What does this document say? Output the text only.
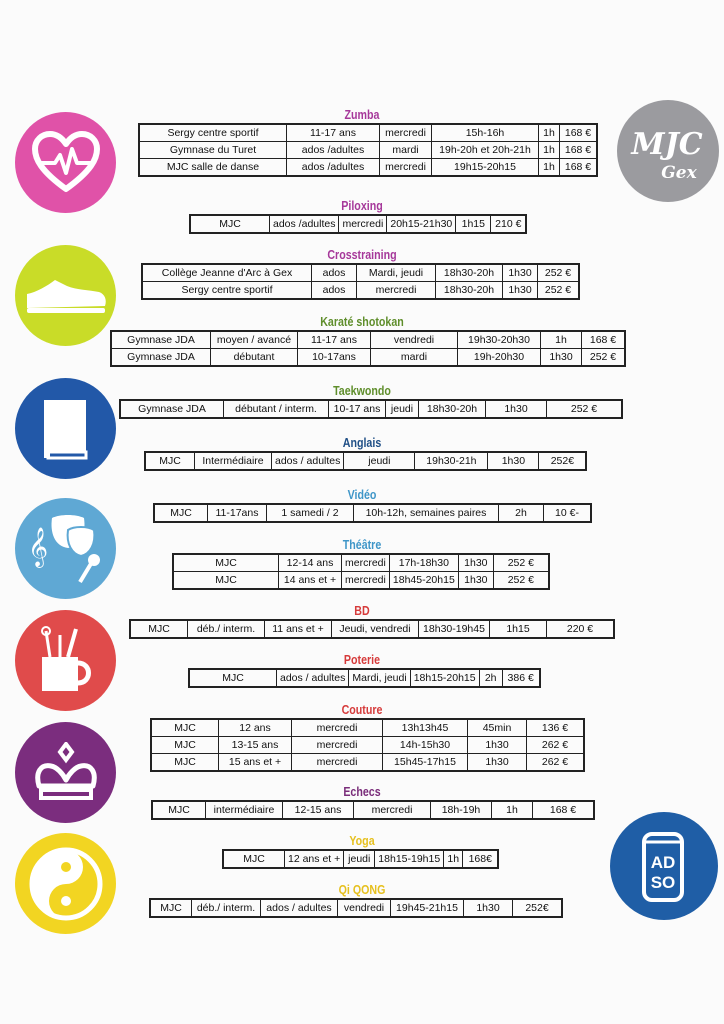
𝄞
MJC
Gex
AD
SO
Zumba
Sergy centre sportif	11-17 ans	mercredi	15h-16h	1h	168 €
Gymnase du Turet	ados /adultes	mardi	19h-20h et 20h-21h	1h	168 €
MJC salle de danse	ados /adultes	mercredi	19h15-20h15	1h	168 €
Piloxing
MJC	ados /adultes	mercredi	20h15-21h30	1h15	210 €
Crosstraining
Collège Jeanne d'Arc à Gex	ados	Mardi, jeudi	18h30-20h	1h30	252 €
Sergy centre sportif	ados	mercredi	18h30-20h	1h30	252 €
Karaté shotokan
Gymnase JDA	moyen / avancé	11-17 ans	vendredi	19h30-20h30	1h	168 €
Gymnase JDA	débutant	10-17ans	mardi	19h-20h30	1h30	252 €
Taekwondo
Gymnase JDA	débutant / interm.	10-17 ans	jeudi	18h30-20h	1h30	252 €
Anglais
MJC	Intermédiaire	ados / adultes	jeudi	19h30-21h	1h30	252€
Vidéo
MJC	11-17ans	1 samedi / 2	10h-12h, semaines paires	2h	10 €-
Théâtre
MJC	12-14 ans	mercredi	17h-18h30	1h30	252 €
MJC	14 ans et +	mercredi	18h45-20h15	1h30	252 €
BD
MJC	déb./ interm.	11 ans et +	Jeudi, vendredi	18h30-19h45	1h15	220 €
Poterie
MJC	ados / adultes	Mardi, jeudi	18h15-20h15	2h	386 €
Couture
MJC	12 ans	mercredi	13h13h45	45min	136 €
MJC	13-15 ans	mercredi	14h-15h30	1h30	262 €
MJC	15 ans et +	mercredi	15h45-17h15	1h30	262 €
Echecs
MJC	intermédiaire	12-15 ans	mercredi	18h-19h	1h	168 €
Yoga
MJC	12 ans et +	jeudi	18h15-19h15	1h	168€
Qi QONG
MJC	déb./ interm.	ados / adultes	vendredi	19h45-21h15	1h30	252€
